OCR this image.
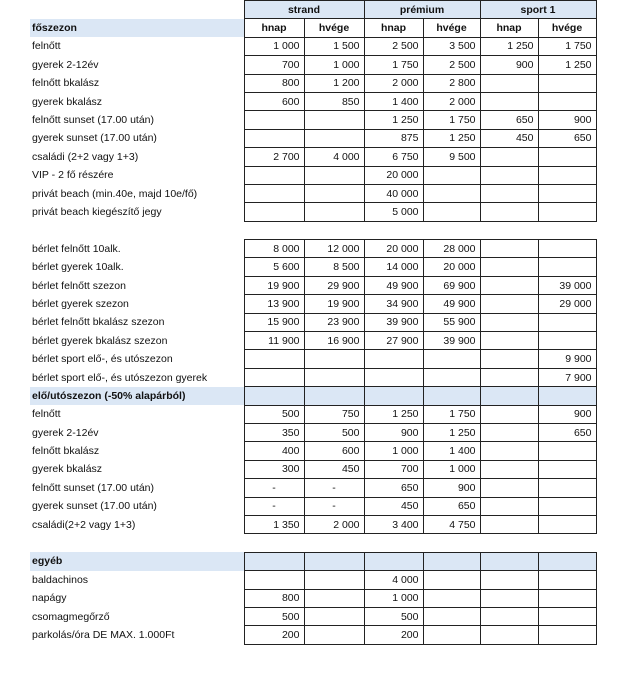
	strand		prémium		sport 1	
főszezon	hnap	hvége	hnap	hvége	hnap	hvége
felnőtt	1 000	1 500	2 500	3 500	1 250	1 750
gyerek 2-12év	700	1 000	1 750	2 500	900	1 250
felnőtt bkalász	800	1 200	2 000	2 800		
gyerek bkalász	600	850	1 400	2 000		
felnőtt sunset (17.00 után)			1 250	1 750	650	900
gyerek sunset (17.00 után)			875	1 250	450	650
családi (2+2 vagy 1+3)	2 700	4 000	6 750	9 500		
VIP - 2 fő részére			20 000			
privát beach (min.40e, majd 10e/fő)			40 000			
privát beach kiegészítő jegy			5 000			

bérlet felnőtt 10alk.	8 000	12 000	20 000	28 000		
bérlet gyerek 10alk.	5 600	8 500	14 000	20 000		
bérlet felnőtt szezon	19 900	29 900	49 900	69 900		39 000
bérlet gyerek szezon	13 900	19 900	34 900	49 900		29 000
bérlet felnőtt bkalász szezon	15 900	23 900	39 900	55 900		
bérlet gyerek bkalász szezon	11 900	16 900	27 900	39 900		
bérlet sport elő-, és utószezon						9 900
bérlet sport elő-, és utószezon gyerek						7 900
elő/utószezon (-50% alapárból)						
felnőtt	500	750	1 250	1 750		900
gyerek 2-12év	350	500	900	1 250		650
felnőtt bkalász	400	600	1 000	1 400		
gyerek bkalász	300	450	700	1 000		
felnőtt sunset (17.00 után)	-	-	650	900		
gyerek sunset (17.00 után)	-	-	450	650		
családi(2+2 vagy 1+3)	1 350	2 000	3 400	4 750		

egyéb						
baldachinos			4 000			
napágy	800		1 000			
csomagmegőrző	500		500			
parkolás/óra DE MAX. 1.000Ft	200		200			
